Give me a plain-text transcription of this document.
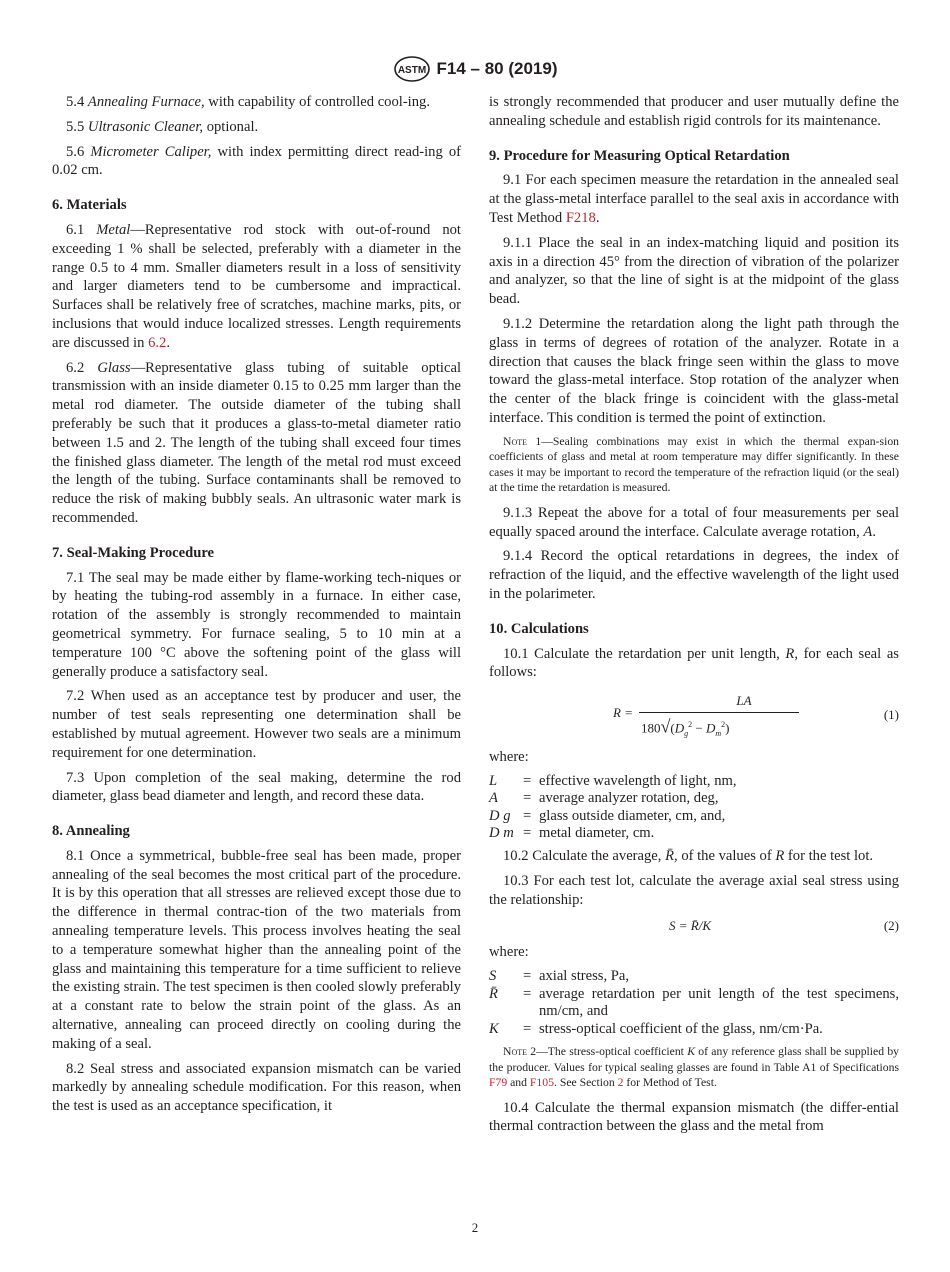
ASTM F14 – 80 (2019)

5.4 Annealing Furnace, with capability of controlled cool-ing.

5.5 Ultrasonic Cleaner, optional.

5.6 Micrometer Caliper, with index permitting direct read-ing of 0.02 cm.

6. Materials

6.1 Metal—Representative rod stock with out-of-round not exceeding 1 % shall be selected, preferably with a diameter in the range 0.5 to 4 mm. Smaller diameters result in a loss of sensitivity and larger diameters tend to be cumbersome and impractical. Surfaces shall be relatively free of scratches, machine marks, pits, or inclusions that would induce localized stresses. Length requirements are discussed in 6.2.

6.2 Glass—Representative glass tubing of suitable optical transmission with an inside diameter 0.15 to 0.25 mm larger than the metal rod diameter. The outside diameter of the tubing shall preferably be such that it produces a glass-to-metal diameter ratio between 1.5 and 2. The length of the tubing shall exceed four times the finished glass diameter. The length of the metal rod must exceed the length of the tubing. Surface contaminants shall be removed to reduce the risk of making bubbly seals. An ultrasonic water mark is recommended.

7. Seal-Making Procedure

7.1 The seal may be made either by flame-working tech-niques or by heating the tubing-rod assembly in a furnace. In either case, rotation of the assembly is strongly recommended to maintain geometrical symmetry. For furnace sealing, 5 to 10 min at a temperature 100 °C above the softening point of the glass will generally produce a satisfactory seal.

7.2 When used as an acceptance test by producer and user, the number of test seals representing one determination shall be established by mutual agreement. However two seals are a minimum requirement for one determination.

7.3 Upon completion of the seal making, determine the rod diameter, glass bead diameter and length, and record these data.

8. Annealing

8.1 Once a symmetrical, bubble-free seal has been made, proper annealing of the seal becomes the most critical part of the procedure. It is by this operation that all stresses are relieved except those due to the difference in thermal contrac-tion of the two materials from annealing temperature levels. This process involves heating the seal to a temperature somewhat higher than the annealing point of the glass and maintaining this temperature for a time sufficient to relieve the existing strain. The test specimen is then cooled slowly preferably at a constant rate to below the strain point of the glass. As an alternative, annealing can proceed directly on cooling during the making of a seal.

8.2 Seal stress and associated expansion mismatch can be varied markedly by annealing schedule modification. For this reason, when the test is used as an acceptance specification, it

is strongly recommended that producer and user mutually define the annealing schedule and establish rigid controls for its maintenance.

9. Procedure for Measuring Optical Retardation

9.1 For each specimen measure the retardation in the annealed seal at the glass-metal interface parallel to the seal axis in accordance with Test Method F218.

9.1.1 Place the seal in an index-matching liquid and position its axis in a direction 45° from the direction of vibration of the polarizer and analyzer, so that the line of sight is at the midpoint of the glass bead.

9.1.2 Determine the retardation along the light path through the glass in terms of degrees of rotation of the analyzer. Rotate in a direction that causes the black fringe seen within the glass to move toward the glass-metal interface. Stop rotation of the analyzer when the center of the black fringe is coincident with the glass-metal interface. This condition is termed the point of extinction.

Note 1—Sealing combinations may exist in which the thermal expan-sion coefficients of glass and metal at room temperature may differ significantly. In these cases it may be important to record the temperature of the refraction liquid (or the seal) at the time the retardation is measured.

9.1.3 Repeat the above for a total of four measurements per seal equally spaced around the interface. Calculate average rotation, A.

9.1.4 Record the optical retardations in degrees, the index of refraction of the liquid, and the effective wavelength of the light used in the polarimeter.

10. Calculations

10.1 Calculate the retardation per unit length, R, for each seal as follows:

R =
LA
$180√(D_g^2 - D_m^2)$
(1)

where:

L	=	effective wavelength of light, nm,
A	=	average analyzer rotation, deg,
D g	=	glass outside diameter, cm, and,
D m	=	metal diameter, cm.

10.2 Calculate the average, R̄, of the values of R for the test lot.

10.3 For each test lot, calculate the average axial seal stress using the relationship:

S = R̄/K	(2)

where:

S	=	axial stress, Pa,
R̄	=	average retardation per unit length of the test specimens, nm/cm, and
K	=	stress-optical coefficient of the glass, nm/cm·Pa.
Note 2—The stress-optical coefficient K of any reference glass shall be supplied by the producer. Values for typical sealing glasses are found in Table A1 of Specifications F79 and F105. See Section 2 for Method of Test.

10.4 Calculate the thermal expansion mismatch (the differ-ential thermal contraction between the glass and the metal from

2
